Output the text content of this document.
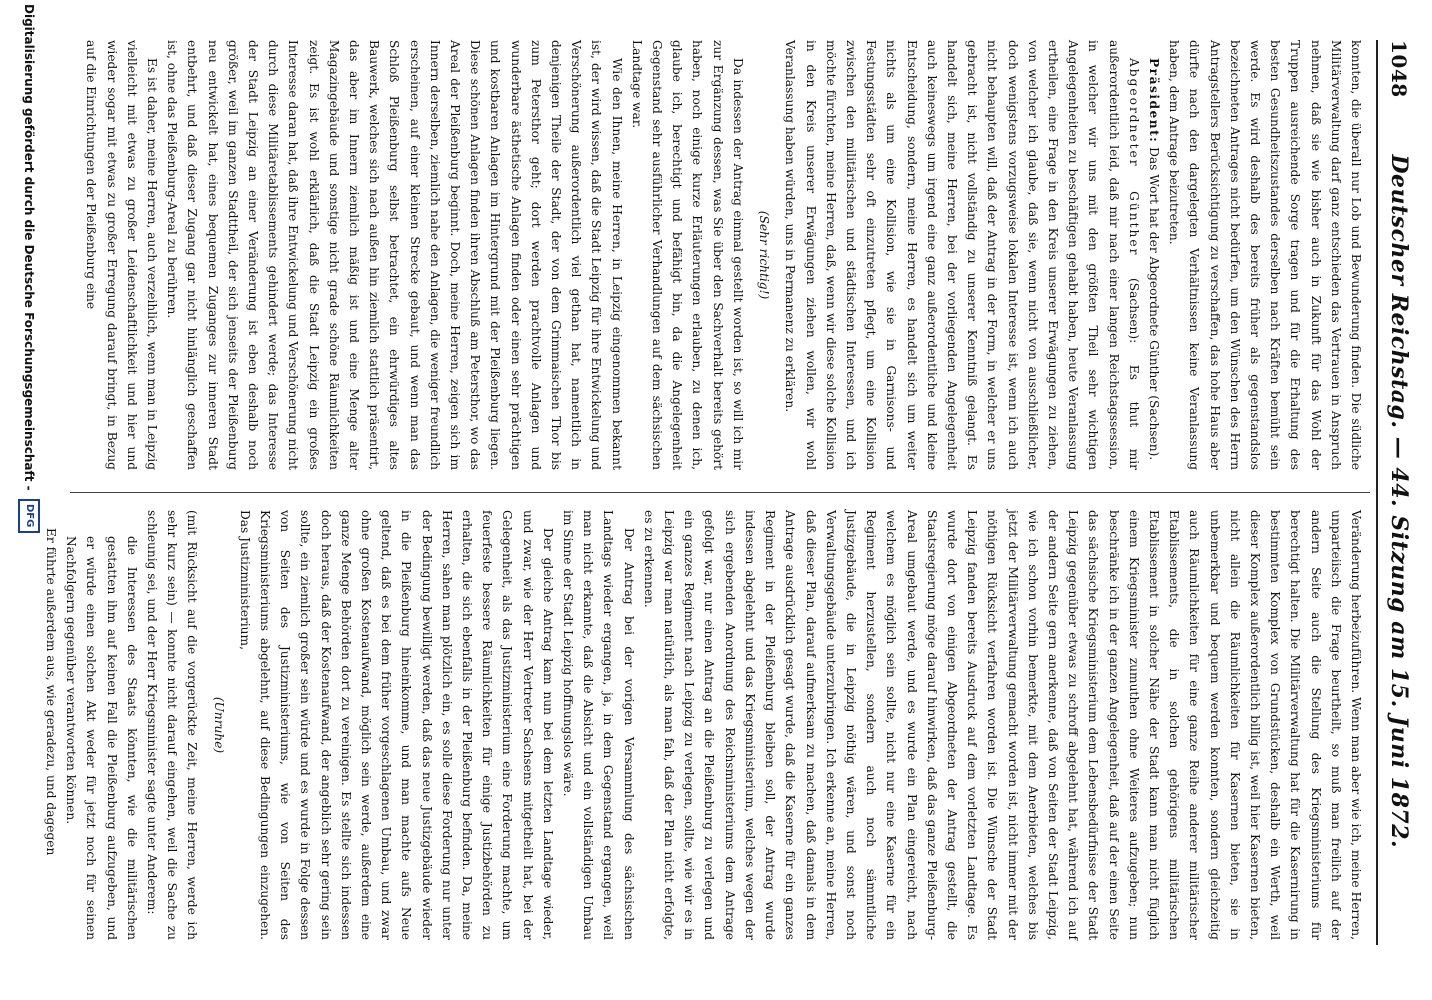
1048
Deutscher Reichstag. — 44. Sitzung am 15. Juni 1872.

konnten, die überall nur Lob und Bewunderung finden. Die südliche Militärverwaltung darf ganz entschieden das Vertrauen in Anspruch nehmen, daß sie wie bisher auch in Zukunft für das Wohl der Truppen ausreichende Sorge tragen und für die Erhaltung des besten Gesundheitszustandes derselben nach Kräften bemüht sein werde. Es wird deshalb des bereits früher als gegenstandslos bezeichneten Antrages nicht bedürfen, um den Wünschen des Herrn Antragstellers Berücksichtigung zu verschaffen, das hohe Haus aber dürfte nach den dargelegten Verhältnissen keine Veranlassung haben, dem Antrage beizutreten.

Präsident: Das Wort hat der Abgeordnete Günther (Sachsen).

Abgeordneter Günther (Sachsen): Es thut mir außerordentlich leid, daß mir nach einer langen Reichstagssession, in welcher wir uns mit den größten Theil sehr wichtigen Angelegenheiten zu beschäftigen gehabt haben, heute Veranlassung ertheilen, eine Frage in den Kreis unserer Erwägungen zu ziehen, von welcher ich glaube, daß sie, wenn nicht von ausschließlicher, doch wenigstens vorzugsweise lokalen Interesse ist, wenn ich auch nicht behaupten will, daß der Antrag in der Form, in welcher er uns gebracht ist, nicht vollständig zu unserer Kenntniß gelangt. Es handelt sich, meine Herren, bei der vorliegenden Angelegenheit auch keineswegs um irgend eine ganz außerordentliche und kleine Entscheidung, sondern, meine Herren, es handelt sich um weiter nichts als um eine Kollision, wie sie in Garnisons- und Festungsstädten sehr oft einzutreten pflegt, um eine Kollision zwischen den militärischen und städtischen Interessen, und ich möchte fürchten, meine Herren, daß, wenn wir diese solche Kollision in den Kreis unserer Erwägungen ziehen wollen, wir wohl Veranlassung haben würden, uns in Permanenz zu erklären.

(Sehr richtig!)

Da indessen der Antrag einmal gestellt worden ist, so will ich mir zur Ergänzung dessen, was Sie über den Sachverhalt bereits gehört haben, noch einige kurze Erläuterungen erlauben, zu denen ich, glaube ich, berechtigt und befähigt bin, da die Angelegenheit Gegenstand sehr ausführlicher Verhandlungen auf dem sächsischen Landtage war.

Wie den Ihnen, meine Herren, in Leipzig eingenommen bekannt ist, der wird wissen, daß die Stadt Leipzig für ihre Entwickelung und Verschönerung außerordentlich viel gethan hat, namentlich in denjenigen Theile der Stadt, der von dem Grimmaischen Thor bis zum Petersthor geht; dort werden prachtvolle Anlagen und wunderbare ästhetische Anlagen finden oder einen sehr prächtigen und kostbaren Anlagen im Hintergrund mit der Pleißenburg liegen. Diese schönen Anlagen finden ihren Abschluß am Petersthor, wo das Areal der Pleißenburg beginnt. Doch, meine Herren, zeigen sich im Innern derselben, ziemlich nahe den Anlagen, die weniger freundlich erscheinen, auf einer kleinen Strecke gebaut, und wenn man das Schloß Pleißenburg selbst betrachtet, ein ehrwürdiges altes Bauwerk, welches sich nach außen hin ziemlich stattlich präsentirt, das aber im Innern ziemlich mäßig ist und eine Menge alter Magazingebäude und sonstige nicht grade schöne Räumlichkeiten zeigt. Es ist wohl erklärlich, daß die Stadt Leipzig ein großes Interesse daran hat, daß ihre Entwickelung und Verschönerung nicht durch diese Militäretablissements gehindert werde; das Interesse der Stadt Leipzig an einer Veränderung ist eben deshalb noch größer, weil im ganzen Stadttheil, der sich jenseits der Pleißenburg neu entwickelt hat, eines bequemen Zuganges zur inneren Stadt entbehrt, und daß dieser Zugang gar nicht hinlänglich geschaffen ist, ohne das Pleißenburg-Areal zu berühren.

Es ist daher, meine Herren, auch verzeihlich, wenn man in Leipzig vielleicht mit etwas zu großer Leidenschaftlichkeit und hier und wieder sogar mit etwas zu großer Erregung darauf bringt, in Bezug auf die Einrichtungen der Pleißenburg eine

Veränderung herbeizuführen. Wenn man aber wie ich, meine Herren, unparteiisch die Frage beurtheilt, so muß man freilich auf der andern Seite auch die Stellung des Kriegsministeriums für berechtigt halten. Die Militärverwaltung hat für die Kasernirung in bestimmten Komplex von Grundstücken, deshalb ein Werth, weil dieser Komplex außerordentlich billig ist, weil hier Kasernen bieten, nicht allein die Räumlichkeiten für Kasernen bieten, sie in unbemerkbar und bequem werden konnten, sondern gleichzeitig auch Räumlichkeiten für eine ganze Reihe anderer militärischer Etablissements, die in solchen gehörigens militärischen Etablissement in solcher Nähe der Stadt kann man nicht füglich einem Kriegsminister zumuthen ohne Weiteres aufzugeben; nun beschränke ich in der ganzen Angelegenheit, daß auf der einen Seite das sächsische Kriegsministerium dem Lebensbedürfnisse der Stadt Leipzig gegenüber etwas zu schroff abgelehnt hat, während ich auf der andern Seite gern anerkenne, daß von Seiten der Stadt Leipzig, wie ich schon vorhin bemerkte, mit dem Anerbieten, welches bis jetzt der Militärverwaltung gemacht worden ist, nicht immer mit der nöthigen Rücksicht verfahren worden ist. Die Wünsche der Stadt Leipzig fanden bereits Ausdruck auf dem vorletzten Landtage. Es wurde dort von einigen Abgeordneten der Antrag gestellt, die Staatsregierung möge darauf hinwirken, daß das ganze Pleißenburg-Areal umgebaut werde, und es wurde ein Plan eingereicht, nach welchem es möglich sein sollte, nicht nur eine Kaserne für ein Regiment herzustellen, sondern auch noch sämmtliche Justizgebäude, die in Leipzig nöthig wären, und sonst noch Verwaltungsgebäude unterzubringen. Ich erkenne an, meine Herren, daß dieser Plan, darauf aufmerksam zu machen, daß damals in dem Antrage ausdrücklich gesagt wurde, daß die Kaserne für ein ganzes Regiment in der Pleißenburg bleiben soll, der Antrag wurde indessen abgelehnt und das Kriegsministerium, welches wegen der sich ergebenden Anordnung des Reichsministeriums dem Antrage gefolgt war, nur einen Antrag an die Pleißenburg zu verlegen und ein ganzes Regiment nach Leipzig zu verlegen, sollte, wie wir es in Leipzig war man natürlich, als man fah, daß der Plan nicht erfolgte, es zu erkennen.

Der Antrag bei der vorigen Versammlung des sächsischen Landtags wieder ergangen, ja, in dem Gegenstand ergangen, weil man nicht erkannte, daß die Absicht und ein vollständigen Umbau im Sinne der Stadt Leipzig hoffnungslos wäre.

Der gleiche Antrag kam nun bei dem letzten Landtage wieder, und zwar, wie der Herr Vertreter Sachsens mitgetheilt hat, bei der Gelegenheit, als das Justizministerium eine Forderung machte, um feuerfeste bessere Räumlichkeiten für einige Justizbehörden zu erhalten, die sich ebenfalls in der Pleißenburg befinden. Da, meine Herren, sahen man plötzlich ein, es solle diese Forderung nur unter der Bedingung bewilligt werden, daß das neue Justizgebäude wieder in die Pleißenburg hineinkomme, und man machte aufs Neue geltend, daß es bei dem früher vorgeschlagenen Umbau, und zwar ohne großen Kostenaufwand, möglich sein werde, außerdem eine ganze Menge Behörden dort zu vereinigen. Es stellte sich indessen doch heraus, daß der Kostenaufwand, der angeblich sehr gering sein sollte, ein ziemlich großer sein würde und es wurde in Folge dessen von Seiten des Justizministeriums, wie von Seiten des Kriegsministeriums abgelehnt, auf diese Bedingungen einzugehen. Das Justizministerium,

(Unruhe)

(mit Rücksicht auf die vorgerückte Zeit, meine Herren, werde ich sehr kurz sein) — konnte nicht darauf eingehen, weil die Sache zu schleunig sei, und der Herr Kriegsminister sagte unter Anderem:

die Interessen des Staats könnten, wie die militärischen gestatten ihm auf keinen Fall die Pleißenburg aufzugeben, und er würde einen solchen Akt weder für jetzt noch für seinen Nachfolgern gegenüber verantworten können.

Er führte außerdem aus, wie geradezu, und dagegen

Digitalisierung gefördert durch die Deutsche Forschungsgemeinschaft -
DFG
